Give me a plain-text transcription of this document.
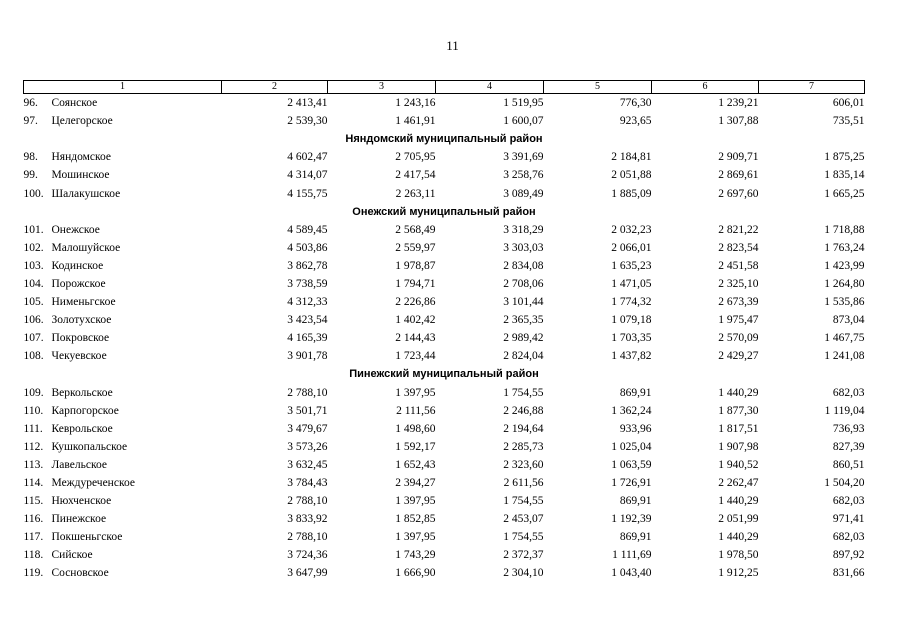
11
1	2	3	4	5	6	7
96. Соянское	2 413,41	1 243,16	1 519,95	776,30	1 239,21	606,01
97. Целегорское	2 539,30	1 461,91	1 600,07	923,65	1 307,88	735,51
Няндомский муниципальный район						
98. Няндомское	4 602,47	2 705,95	3 391,69	2 184,81	2 909,71	1 875,25
99. Мошинское	4 314,07	2 417,54	3 258,76	2 051,88	2 869,61	1 835,14
100. Шалакушское	4 155,75	2 263,11	3 089,49	1 885,09	2 697,60	1 665,25
Онежский муниципальный район						
101. Онежское	4 589,45	2 568,49	3 318,29	2 032,23	2 821,22	1 718,88
102. Малошуйское	4 503,86	2 559,97	3 303,03	2 066,01	2 823,54	1 763,24
103. Кодинское	3 862,78	1 978,87	2 834,08	1 635,23	2 451,58	1 423,99
104. Порожское	3 738,59	1 794,71	2 708,06	1 471,05	2 325,10	1 264,80
105. Нименьгское	4 312,33	2 226,86	3 101,44	1 774,32	2 673,39	1 535,86
106. Золотухское	3 423,54	1 402,42	2 365,35	1 079,18	1 975,47	873,04
107. Покровское	4 165,39	2 144,43	2 989,42	1 703,35	2 570,09	1 467,75
108. Чекуевское	3 901,78	1 723,44	2 824,04	1 437,82	2 429,27	1 241,08
Пинежский муниципальный район						
109. Веркольское	2 788,10	1 397,95	1 754,55	869,91	1 440,29	682,03
110. Карпогорское	3 501,71	2 111,56	2 246,88	1 362,24	1 877,30	1 119,04
111. Кеврольское	3 479,67	1 498,60	2 194,64	933,96	1 817,51	736,93
112. Кушкопальское	3 573,26	1 592,17	2 285,73	1 025,04	1 907,98	827,39
113. Лавельское	3 632,45	1 652,43	2 323,60	1 063,59	1 940,52	860,51
114. Междуреченское	3 784,43	2 394,27	2 611,56	1 726,91	2 262,47	1 504,20
115. Нюхченское	2 788,10	1 397,95	1 754,55	869,91	1 440,29	682,03
116. Пинежское	3 833,92	1 852,85	2 453,07	1 192,39	2 051,99	971,41
117. Покшеньгское	2 788,10	1 397,95	1 754,55	869,91	1 440,29	682,03
118. Сийское	3 724,36	1 743,29	2 372,37	1 111,69	1 978,50	897,92
119. Сосновское	3 647,99	1 666,90	2 304,10	1 043,40	1 912,25	831,66
